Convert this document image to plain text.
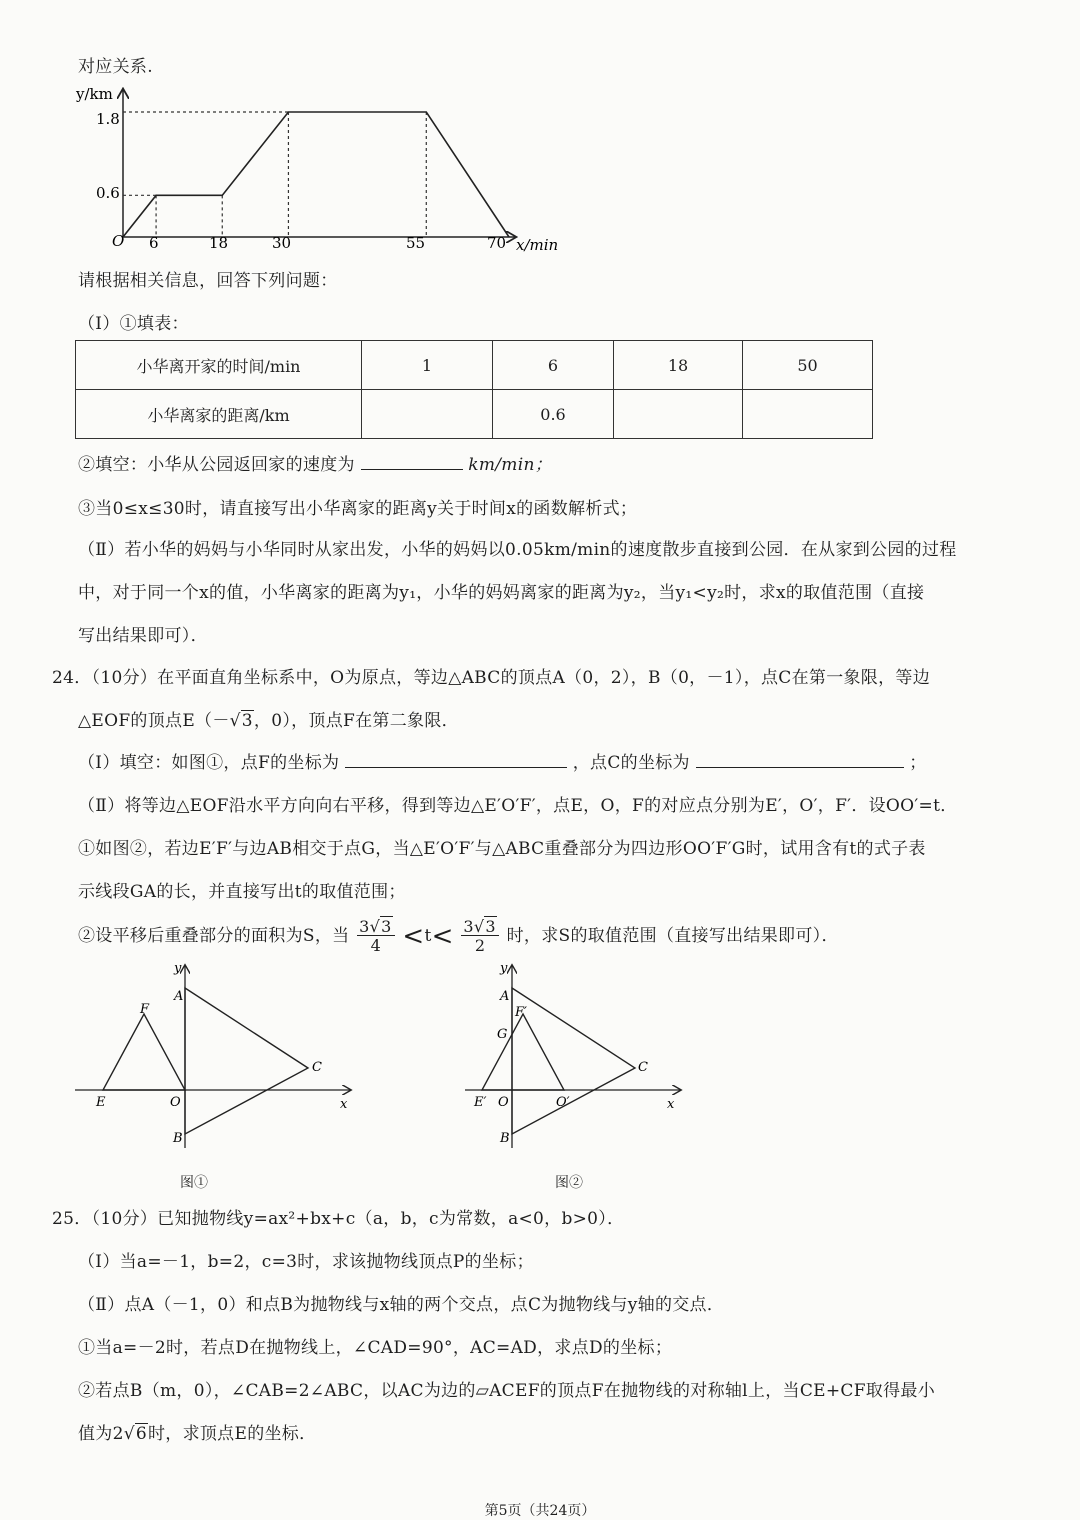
对应关系.
y/km
1.8
0.6
O 6	18	30	55	70 x/min
请根据相关信息，回答下列问题：
（Ⅰ）①填表：
小华离开家的时间/min	1	6	18	50
小华离家的距离/km		0.6		
②填空：小华从公园返回家的速度为	km/min；
③当0≤x≤30时，请直接写出小华离家的距离y关于时间x的函数解析式；
（Ⅱ）若小华的妈妈与小华同时从家出发，小华的妈妈以0.05km/min的速度散步直接到公园．在从家到公园的过程
中，对于同一个x的值，小华离家的距离为y₁，小华的妈妈离家的距离为y₂，当y₁<y₂时，求x的取值范围（直接
写出结果即可）．
24．（10分）在平面直角坐标系中，O为原点，等边△ABC的顶点A（0，2），B（0，－1），点C在第一象限，等边
△EOF的顶点E（－√3，0），顶点F在第二象限．
（Ⅰ）填空：如图①，点F的坐标为	，点C的坐标为	；
（Ⅱ）将等边△EOF沿水平方向向右平移，得到等边△E′O′F′，点E，O，F的对应点分别为E′，O′，F′．设OO′=t．
①如图②，若边E′F′与边AB相交于点G，当△E′O′F′与△ABC重叠部分为四边形OO′F′G时，试用含有t的式子表
示线段GA的长，并直接写出t的取值范围；
②设平移后重叠部分的面积为S，当 $\frac{3√3}{4} <t< \frac{3√3}{2}$ 时，求S的取值范围（直接写出结果即可）．
y
x
A
F
C
E	O
B
图①
y
x
A
F′
G
C
E′ O	O′
B
图②
25．（10分）已知抛物线y=ax²+bx+c（a，b，c为常数，a<0，b>0）．
（Ⅰ）当a=－1，b=2，c=3时，求该抛物线顶点P的坐标；
（Ⅱ）点A（－1，0）和点B为抛物线与x轴的两个交点，点C为抛物线与y轴的交点．
①当a=－2时，若点D在抛物线上，∠CAD=90°，AC=AD，求点D的坐标；
②若点B（m，0），∠CAB=2∠ABC，以AC为边的▱ACEF的顶点F在抛物线的对称轴l上，当CE+CF取得最小
值为2√6时，求顶点E的坐标．
第5页（共24页）
